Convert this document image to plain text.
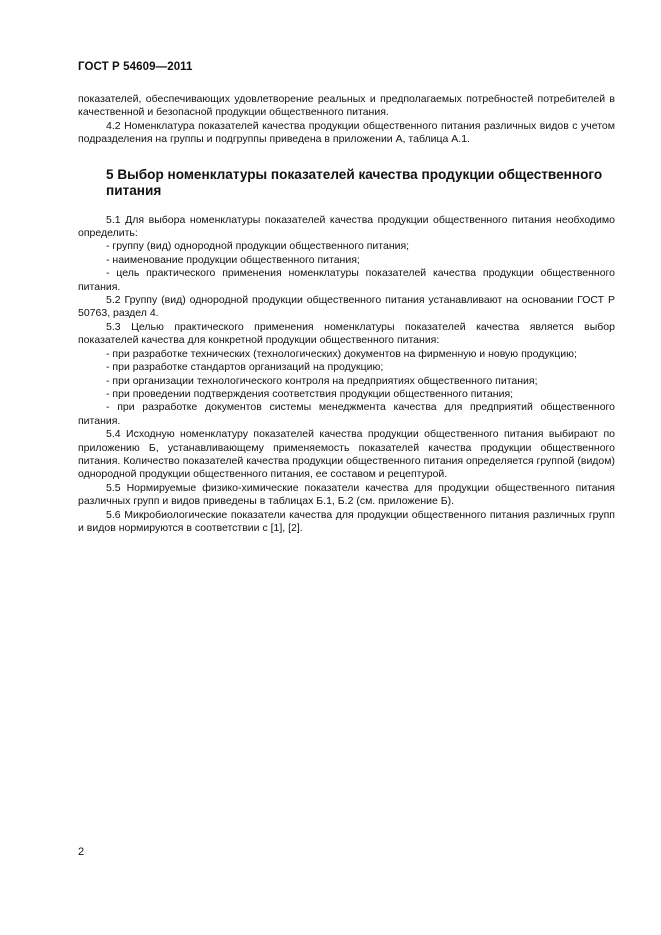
ГОСТ Р 54609—2011

показателей, обеспечивающих удовлетворение реальных и предполагаемых потребностей потребителей в качественной и безопасной продукции общественного питания.

4.2 Номенклатура показателей качества продукции общественного питания различных видов с учетом подразделения на группы и подгруппы приведена в приложении А, таблица А.1.

5 Выбор номенклатуры показателей качества продукции общественного питания

5.1 Для выбора номенклатуры показателей качества продукции общественного питания необходимо определить:

- группу (вид) однородной продукции общественного питания;

- наименование продукции общественного питания;

- цель практического применения номенклатуры показателей качества продукции общественного питания.

5.2 Группу (вид) однородной продукции общественного питания устанавливают на основании ГОСТ Р 50763, раздел 4.

5.3 Целью практического применения номенклатуры показателей качества является выбор показателей качества для конкретной продукции общественного питания:

- при разработке технических (технологических) документов на фирменную и новую продукцию;

- при разработке стандартов организаций на продукцию;

- при организации технологического контроля на предприятиях общественного питания;

- при проведении подтверждения соответствия продукции общественного питания;

- при разработке документов системы менеджмента качества для предприятий общественного питания.

5.4 Исходную номенклатуру показателей качества продукции общественного питания выбирают по приложению Б, устанавливающему применяемость показателей качества продукции общественного питания. Количество показателей качества продукции общественного питания определяется группой (видом) однородной продукции общественного питания, ее составом и рецептурой.

5.5 Нормируемые физико-химические показатели качества для продукции общественного питания различных групп и видов приведены в таблицах Б.1, Б.2 (см. приложение Б).

5.6 Микробиологические показатели качества для продукции общественного питания различных групп и видов нормируются в соответствии с [1], [2].

2
